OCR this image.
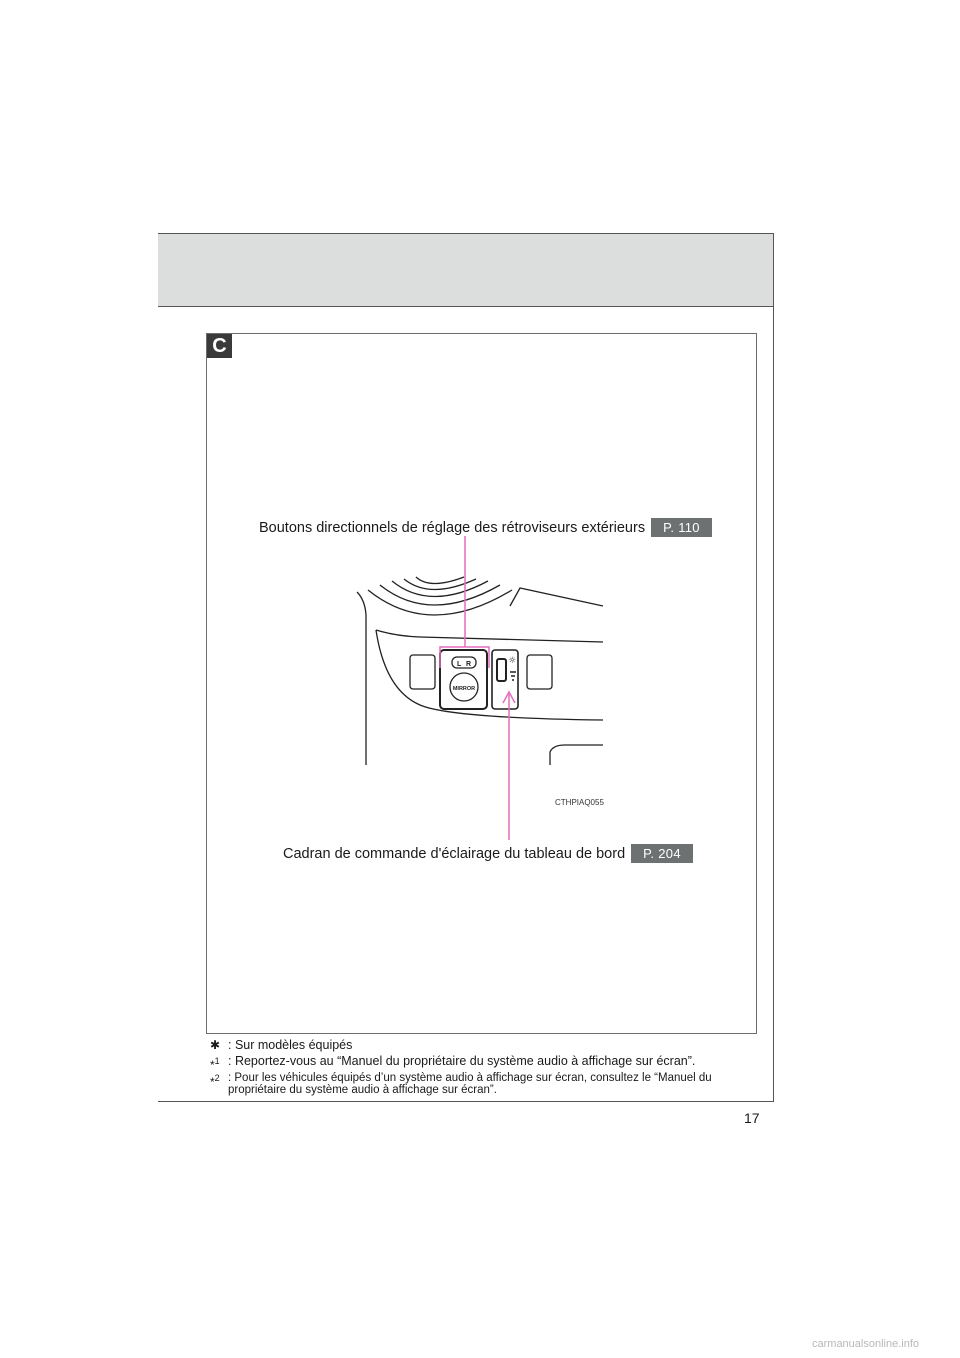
C
Boutons directionnels de réglage des rétroviseurs extérieurs	P. 110
Cadran de commande d'éclairage du tableau de bord	P. 204
L R
MIRROR
☼
CTHPIAQ055
✱ : Sur modèles équipés
*$^1$ : Reportez-vous au “Manuel du propriétaire du système audio à affichage sur écran”.
*$^2$ : Pour les véhicules équipés d’un système audio à affichage sur écran, consultez le “Manuel du propriétaire du système audio à affichage sur écran”.
17
carmanualsonline.info
